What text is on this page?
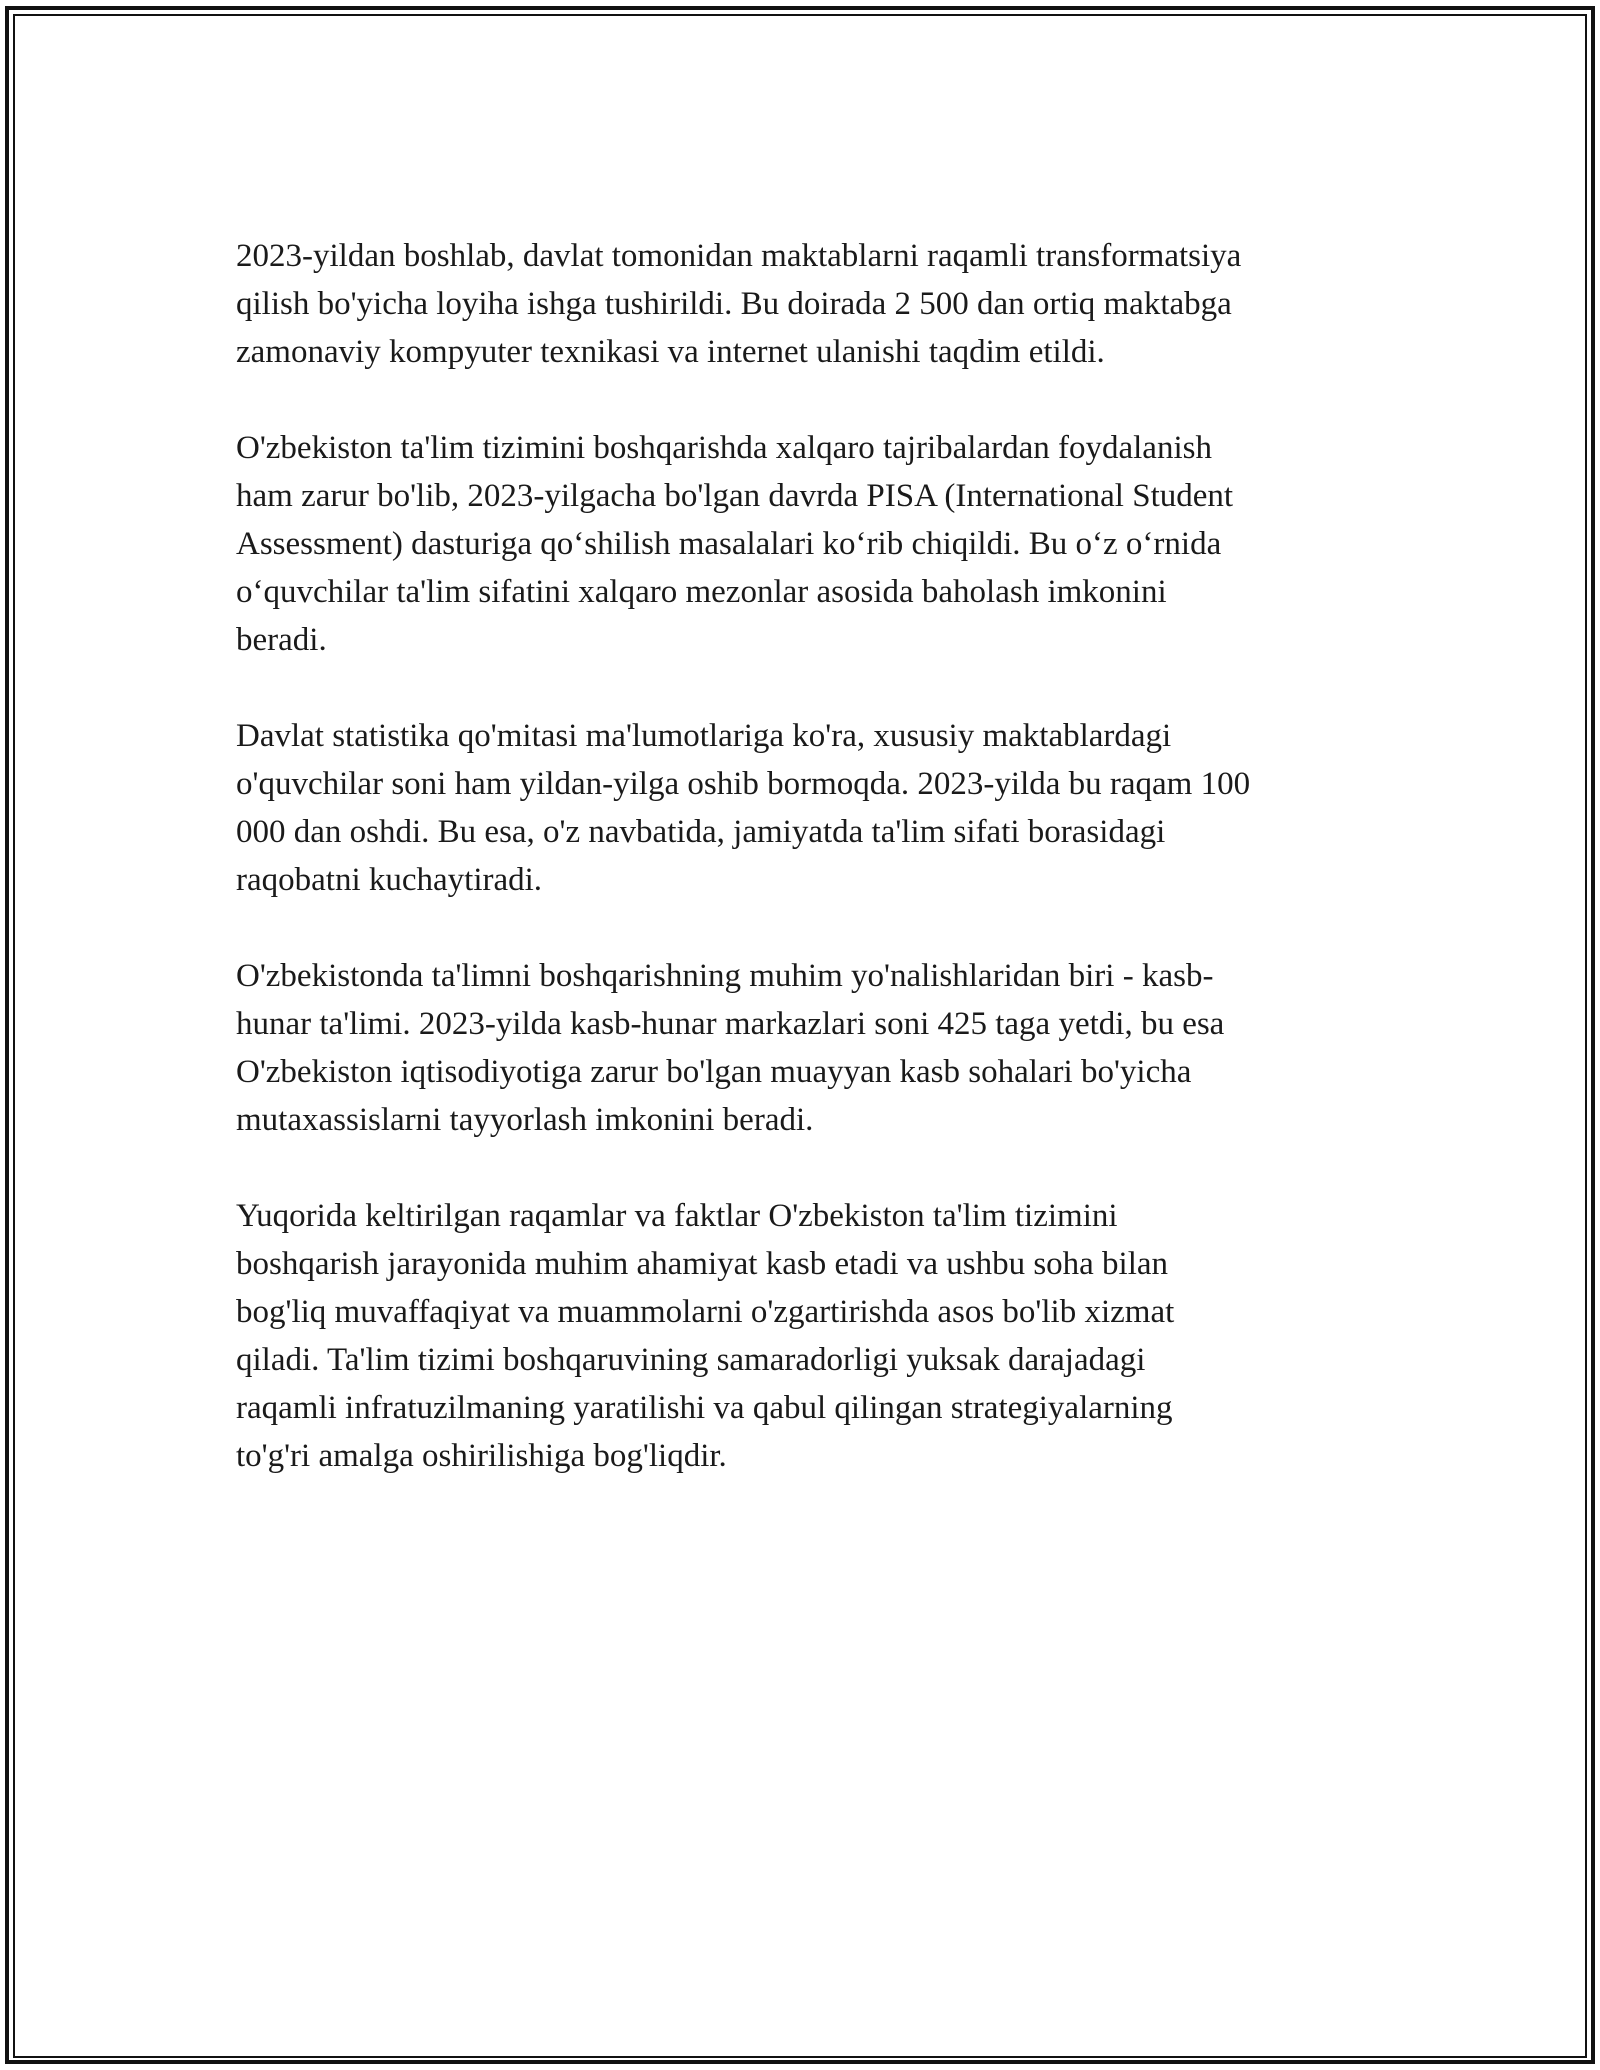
2023-yildan boshlab, davlat tomonidan maktablarni raqamli transformatsiya
qilish bo'yicha loyiha ishga tushirildi. Bu doirada 2 500 dan ortiq maktabga
zamonaviy kompyuter texnikasi va internet ulanishi taqdim etildi.

O'zbekiston ta'lim tizimini boshqarishda xalqaro tajribalardan foydalanish
ham zarur bo'lib, 2023-yilgacha bo'lgan davrda PISA (International Student
Assessment) dasturiga qo‘shilish masalalari ko‘rib chiqildi. Bu o‘z o‘rnida
o‘quvchilar ta'lim sifatini xalqaro mezonlar asosida baholash imkonini
beradi.

Davlat statistika qo'mitasi ma'lumotlariga ko'ra, xususiy maktablardagi
o'quvchilar soni ham yildan-yilga oshib bormoqda. 2023-yilda bu raqam 100
000 dan oshdi. Bu esa, o'z navbatida, jamiyatda ta'lim sifati borasidagi
raqobatni kuchaytiradi.

O'zbekistonda ta'limni boshqarishning muhim yo'nalishlaridan biri - kasb-
hunar ta'limi. 2023-yilda kasb-hunar markazlari soni 425 taga yetdi, bu esa
O'zbekiston iqtisodiyotiga zarur bo'lgan muayyan kasb sohalari bo'yicha
mutaxassislarni tayyorlash imkonini beradi.

Yuqorida keltirilgan raqamlar va faktlar O'zbekiston ta'lim tizimini
boshqarish jarayonida muhim ahamiyat kasb etadi va ushbu soha bilan
bog'liq muvaffaqiyat va muammolarni o'zgartirishda asos bo'lib xizmat
qiladi. Ta'lim tizimi boshqaruvining samaradorligi yuksak darajadagi
raqamli infratuzilmaning yaratilishi va qabul qilingan strategiyalarning
to'g'ri amalga oshirilishiga bog'liqdir.
